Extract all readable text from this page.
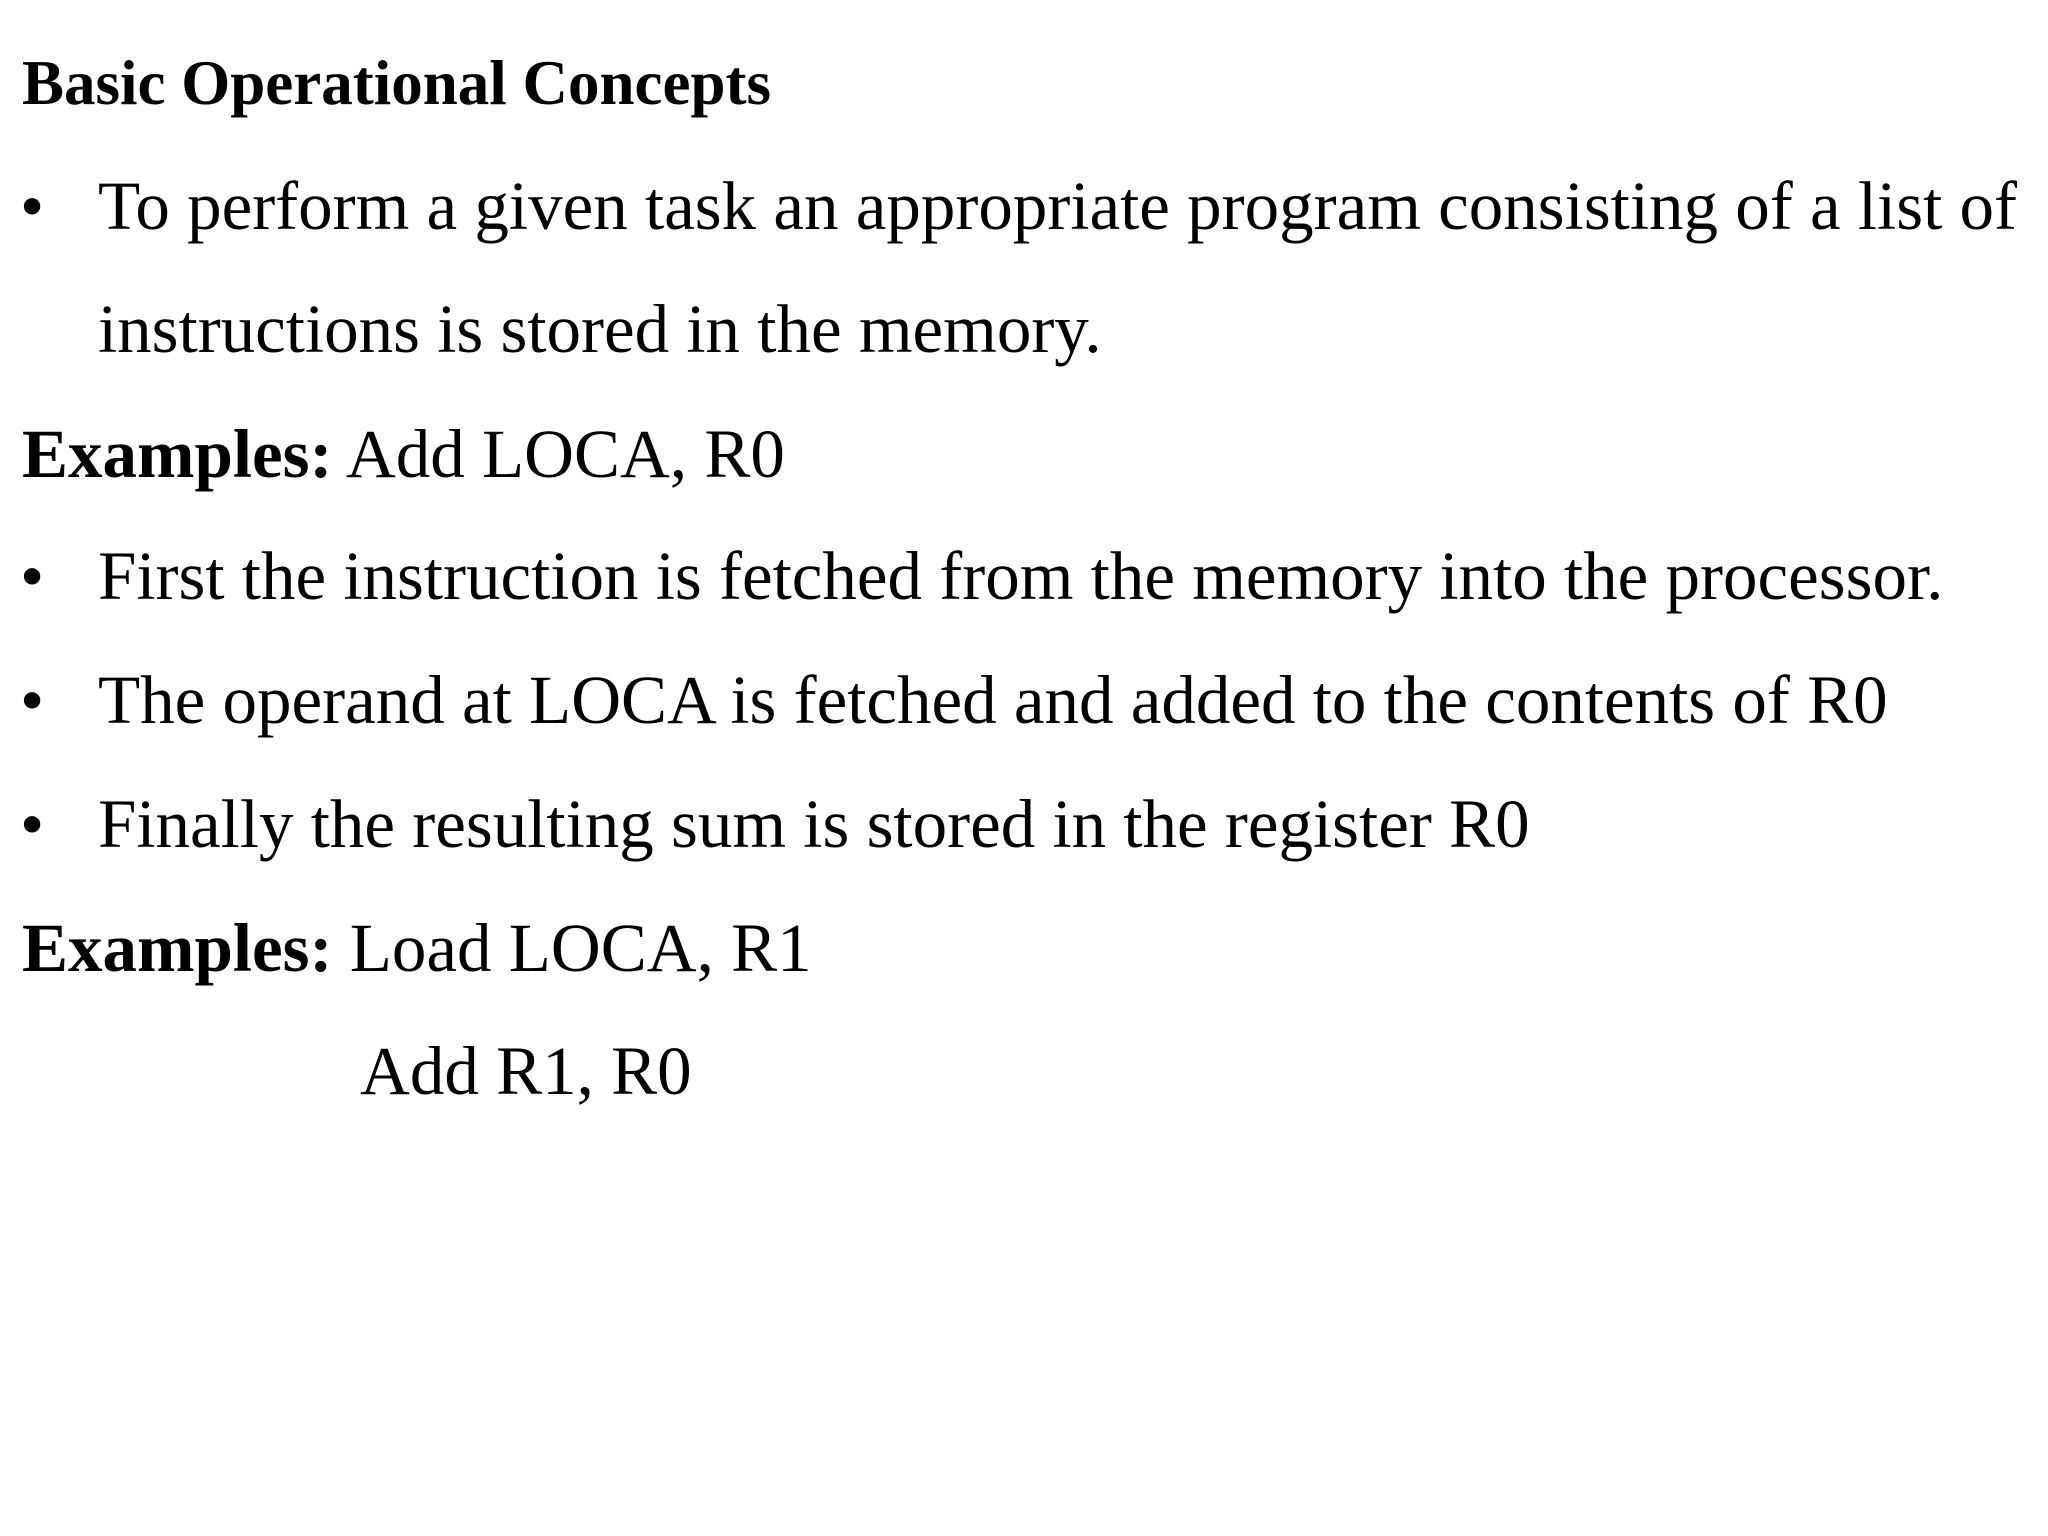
Basic Operational Concepts
• To perform a given task an appropriate program consisting of a list of
instructions is stored in the memory.
Examples: Add LOCA, R0
• First the instruction is fetched from the memory into the processor.
• The operand at LOCA is fetched and added to the contents of R0
• Finally the resulting sum is stored in the register R0
Examples: Load LOCA, R1
Add R1, R0
